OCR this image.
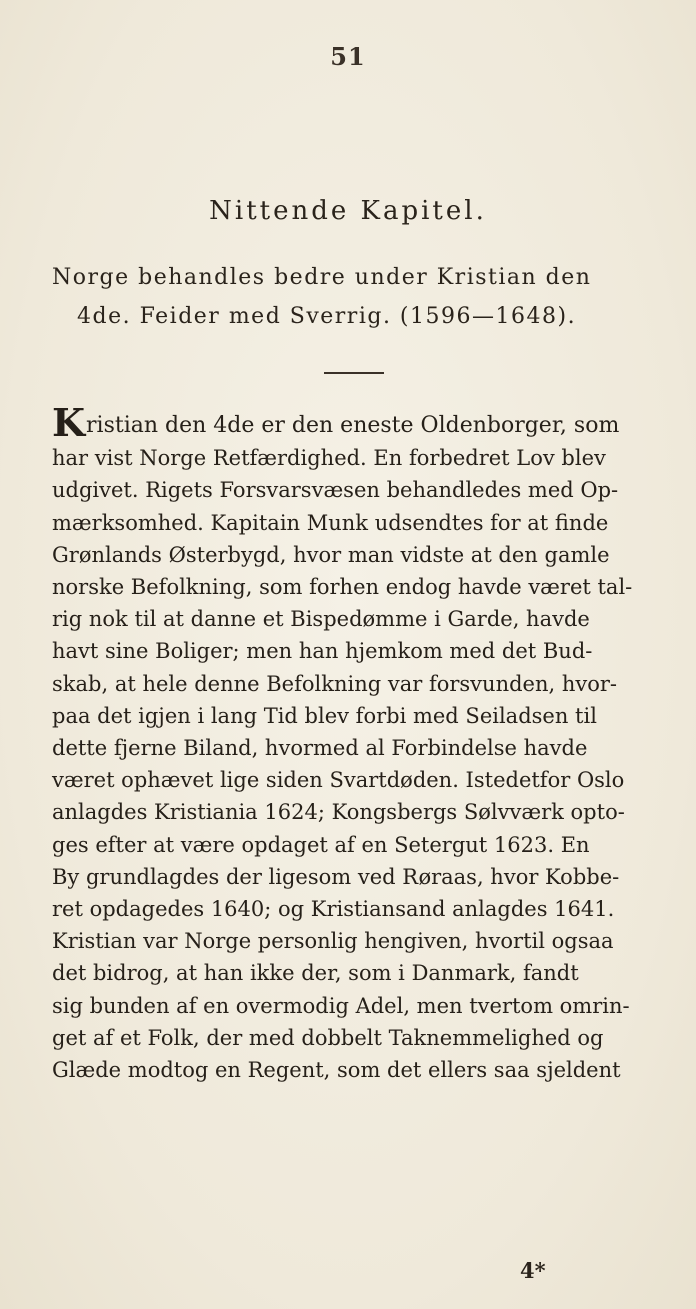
51
Nittende Kapitel.
Norge behandles bedre under Kristian den
4de. Feider med Sverrig. (1596—1648).
Kristian den 4de er den eneste Oldenborger, som
har vist Norge Retfærdighed. En forbedret Lov blev
udgivet. Rigets Forsvarsvæsen behandledes med Op-
mærksomhed. Kapitain Munk udsendtes for at finde
Grønlands Østerbygd, hvor man vidste at den gamle
norske Befolkning, som forhen endog havde været tal-
rig nok til at danne et Bispedømme i Garde, havde
havt sine Boliger; men han hjemkom med det Bud-
skab, at hele denne Befolkning var forsvunden, hvor-
paa det igjen i lang Tid blev forbi med Seiladsen til
dette fjerne Biland, hvormed al Forbindelse havde
været ophævet lige siden Svartdøden. Istedetfor Oslo
anlagdes Kristiania 1624; Kongsbergs Sølvværk opto-
ges efter at være opdaget af en Setergut 1623. En
By grundlagdes der ligesom ved Røraas, hvor Kobbe-
ret opdagedes 1640; og Kristiansand anlagdes 1641.
Kristian var Norge personlig hengiven, hvortil ogsaa
det bidrog, at han ikke der, som i Danmark, fandt
sig bunden af en overmodig Adel, men tvertom omrin-
get af et Folk, der med dobbelt Taknemmelighed og
Glæde modtog en Regent, som det ellers saa sjeldent
4*
